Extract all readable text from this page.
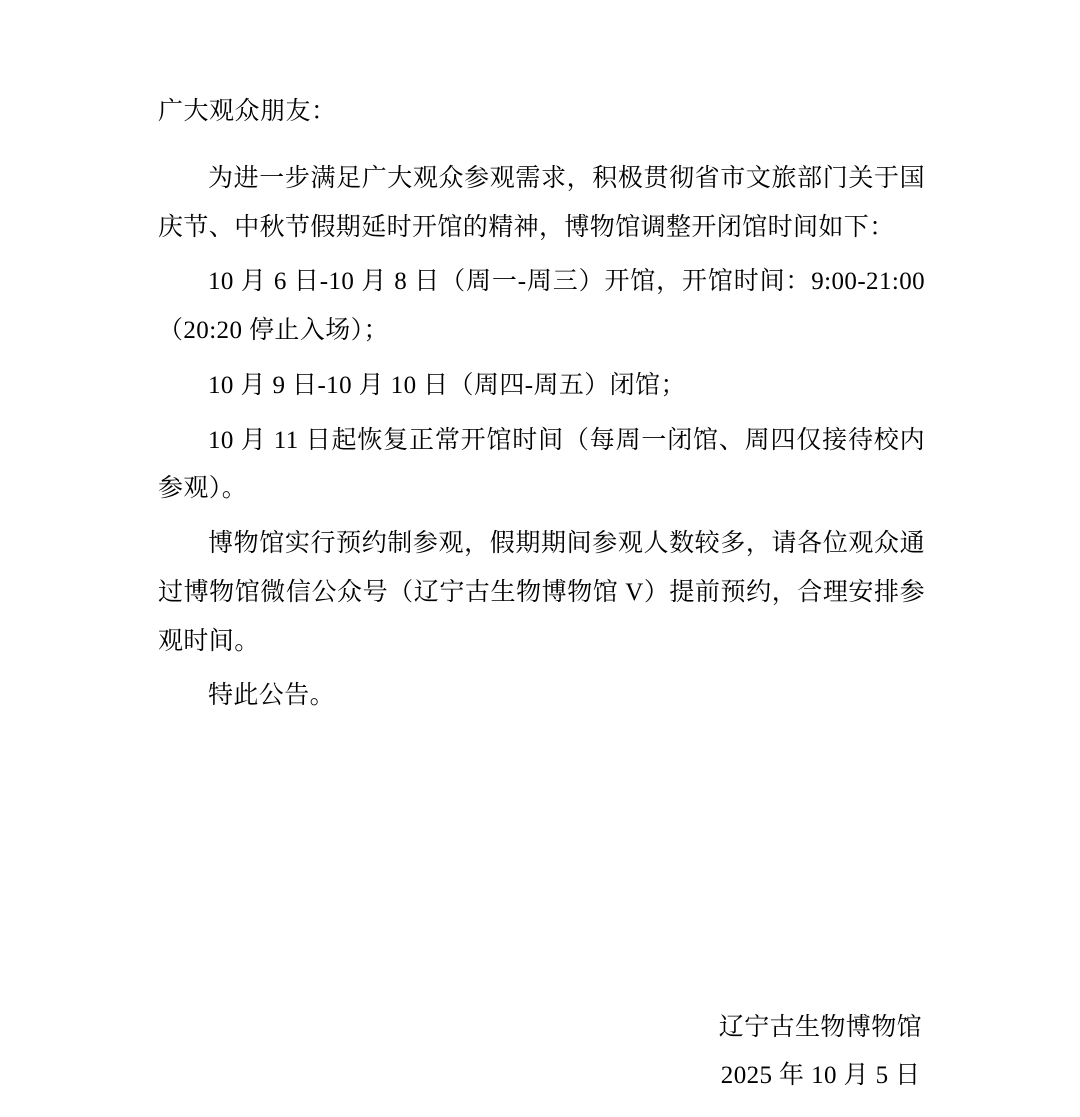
广大观众朋友：

为进一步满足广大观众参观需求，积极贯彻省市文旅部门关于国庆节、中秋节假期延时开馆的精神，博物馆调整开闭馆时间如下：

10 月 6 日-10 月 8 日（周一-周三）开馆，开馆时间：9:00-21:00（20:20 停止入场）；

10 月 9 日-10 月 10 日（周四-周五）闭馆；

10 月 11 日起恢复正常开馆时间（每周一闭馆、周四仅接待校内参观）。

博物馆实行预约制参观，假期期间参观人数较多，请各位观众通过博物馆微信公众号（辽宁古生物博物馆 V）提前预约，合理安排参观时间。

特此公告。

辽宁古生物博物馆
2025 年 10 月 5 日
